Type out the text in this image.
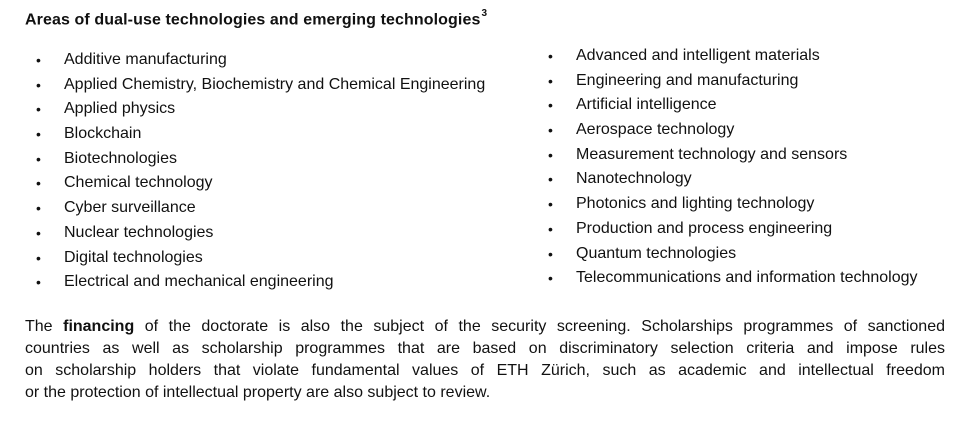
Areas of dual-use technologies and emerging technologies$^3$
• Additive manufacturing
• Applied Chemistry, Biochemistry and Chemical Engineering
• Applied physics
• Blockchain
• Biotechnologies
• Chemical technology
• Cyber surveillance
• Nuclear technologies
• Digital technologies
• Electrical and mechanical engineering
• Advanced and intelligent materials
• Engineering and manufacturing
• Artificial intelligence
• Aerospace technology
• Measurement technology and sensors
• Nanotechnology
• Photonics and lighting technology
• Production and process engineering
• Quantum technologies
• Telecommunications and information technology

The financing of the doctorate is also the subject of the security screening. Scholarships programmes of sanctioned
countries as well as scholarship programmes that are based on discriminatory selection criteria and impose rules
on scholarship holders that violate fundamental values of ETH Zürich, such as academic and intellectual freedom
or the protection of intellectual property are also subject to review.
